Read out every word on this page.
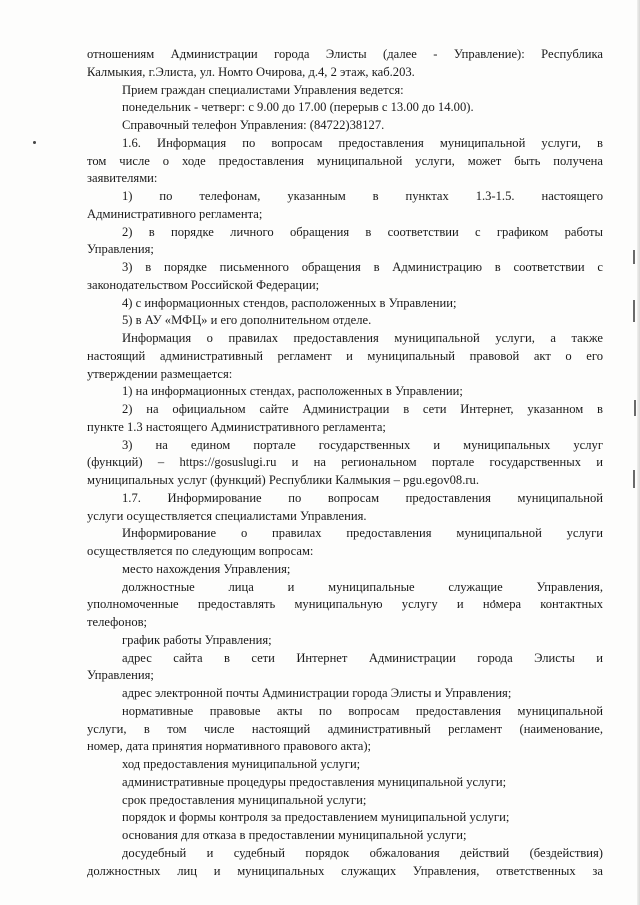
отношениям Администрации города Элисты (далее - Управление): Республика
Калмыкия, г.Элиста, ул. Номто Очирова, д.4, 2 этаж, каб.203.
Прием граждан специалистами Управления ведется:
понедельник - четверг: с 9.00 до 17.00 (перерыв с 13.00 до 14.00).
Справочный телефон Управления: (84722)38127.
1.6. Информация по вопросам предоставления муниципальной услуги, в
том числе о ходе предоставления муниципальной услуги, может быть получена
заявителями:
1) по телефонам, указанным в пунктах 1.3-1.5. настоящего
Административного регламента;
2) в порядке личного обращения в соответствии с графиком работы
Управления;
3) в порядке письменного обращения в Администрацию в соответствии с
законодательством Российской Федерации;
4) с информационных стендов, расположенных в Управлении;
5) в АУ «МФЦ» и его дополнительном отделе.
Информация о правилах предоставления муниципальной услуги, а также
настоящий административный регламент и муниципальный правовой акт о его
утверждении размещается:
1) на информационных стендах, расположенных в Управлении;
2) на официальном сайте Администрации в сети Интернет, указанном в
пункте 1.3 настоящего Административного регламента;
3) на едином портале государственных и муниципальных услуг
(функций) – https://gosuslugi.ru и на региональном портале государственных и
муниципальных услуг (функций) Республики Калмыкия – pgu.egov08.ru.
1.7. Информирование по вопросам предоставления муниципальной
услуги осуществляется специалистами Управления.
Информирование о правилах предоставления муниципальной услуги
осуществляется по следующим вопросам:
место нахождения Управления;
должностные лица и муниципальные служащие Управления,
уполномоченные предоставлять муниципальную услугу и номера контактных
телефонов;
график работы Управления;
адрес сайта в сети Интернет Администрации города Элисты и
Управления;
адрес электронной почты Администрации города Элисты и Управления;
нормативные правовые акты по вопросам предоставления муниципальной
услуги, в том числе настоящий административный регламент (наименование,
номер, дата принятия нормативного правового акта);
ход предоставления муниципальной услуги;
административные процедуры предоставления муниципальной услуги;
срок предоставления муниципальной услуги;
порядок и формы контроля за предоставлением муниципальной услуги;
основания для отказа в предоставлении муниципальной услуги;
досудебный и судебный порядок обжалования действий (бездействия)
должностных лиц и муниципальных служащих Управления, ответственных за
